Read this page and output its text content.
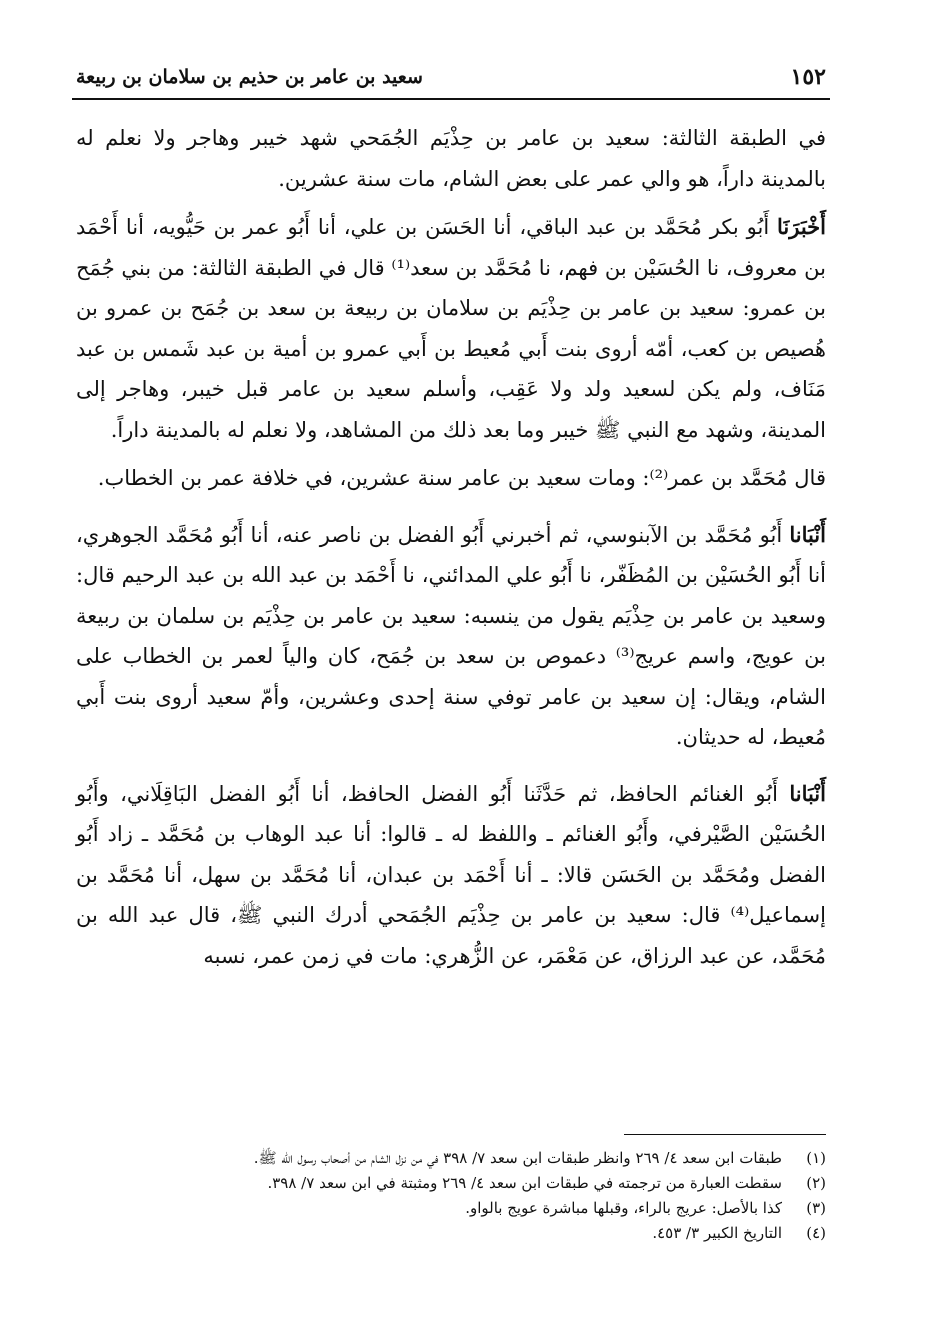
١٥٢
سعيد بن عامر بن حذيم بن سلامان بن ربيعة

في الطبقة الثالثة: سعيد بن عامر بن حِذْيَم الجُمَحي شهد خيبر وهاجر ولا نعلم له بالمدينة داراً، هو والي عمر على بعض الشام، مات سنة عشرين.

أَخْبَرَنَا أَبُو بكر مُحَمَّد بن عبد الباقي، أنا الحَسَن بن علي، أنا أَبُو عمر بن حَيُّويه، أنا أَحْمَد بن معروف، نا الحُسَيْن بن فهم، نا مُحَمَّد بن سعد⁽¹⁾ قال في الطبقة الثالثة: من بني جُمَح بن عمرو: سعيد بن عامر بن حِذْيَم بن سلامان بن ربيعة بن سعد بن جُمَح بن عمرو بن هُصيص بن كعب، أمّه أروى بنت أَبي مُعيط بن أَبي عمرو بن أمية بن عبد شَمس بن عبد مَنَاف، ولم يكن لسعيد ولد ولا عَقِب، وأسلم سعيد بن عامر قبل خيبر، وهاجر إلى المدينة، وشهد مع النبي ﷺ خيبر وما بعد ذلك من المشاهد، ولا نعلم له بالمدينة داراً.

قال مُحَمَّد بن عمر⁽²⁾: ومات سعيد بن عامر سنة عشرين، في خلافة عمر بن الخطاب.

أَنْبَانا أَبُو مُحَمَّد بن الآبنوسي، ثم أخبرني أَبُو الفضل بن ناصر عنه، أنا أَبُو مُحَمَّد الجوهري، أنا أَبُو الحُسَيْن بن المُظَفّر، نا أَبُو علي المدائني، نا أَحْمَد بن عبد الله بن عبد الرحيم قال: وسعيد بن عامر بن حِذْيَم يقول من ينسبه: سعيد بن عامر بن حِذْيَم بن سلمان بن ربيعة بن عويج، واسم عريج⁽³⁾ دعموص بن سعد بن جُمَح، كان والياً لعمر بن الخطاب على الشام، ويقال: إن سعيد بن عامر توفي سنة إحدى وعشرين، وأمّ سعيد أروى بنت أَبي مُعيط، له حديثان.

أَنْبَانا أَبُو الغنائم الحافظ، ثم حَدَّثَنا أَبُو الفضل الحافظ، أنا أَبُو الفضل البَاقِلَاني، وأَبُو الحُسَيْن الصَّيْرفي، وأَبُو الغنائم ـ واللفظ له ـ قالوا: أنا عبد الوهاب بن مُحَمَّد ـ زاد أَبُو الفضل ومُحَمَّد بن الحَسَن قالا: ـ أنا أَحْمَد بن عبدان، أنا مُحَمَّد بن سهل، أنا مُحَمَّد بن إسماعيل⁽⁴⁾ قال: سعيد بن عامر بن حِذْيَم الجُمَحي أدرك النبي ﷺ، قال عبد الله بن مُحَمَّد، عن عبد الرزاق، عن مَعْمَر، عن الزُّهري: مات في زمن عمر، نسبه

(١)طبقات ابن سعد ٤/ ٢٦٩ وانظر طبقات ابن سعد ٧/ ٣٩٨ في من نزل الشام من أصحاب رسول الله ﷺ.
(٢)سقطت العبارة من ترجمته في طبقات ابن سعد ٤/ ٢٦٩ ومثبتة في ابن سعد ٧/ ٣٩٨.
(٣)كذا بالأصل: عريج بالراء، وقبلها مباشرة عويج بالواو.
(٤)التاريخ الكبير ٣/ ٤٥٣.
